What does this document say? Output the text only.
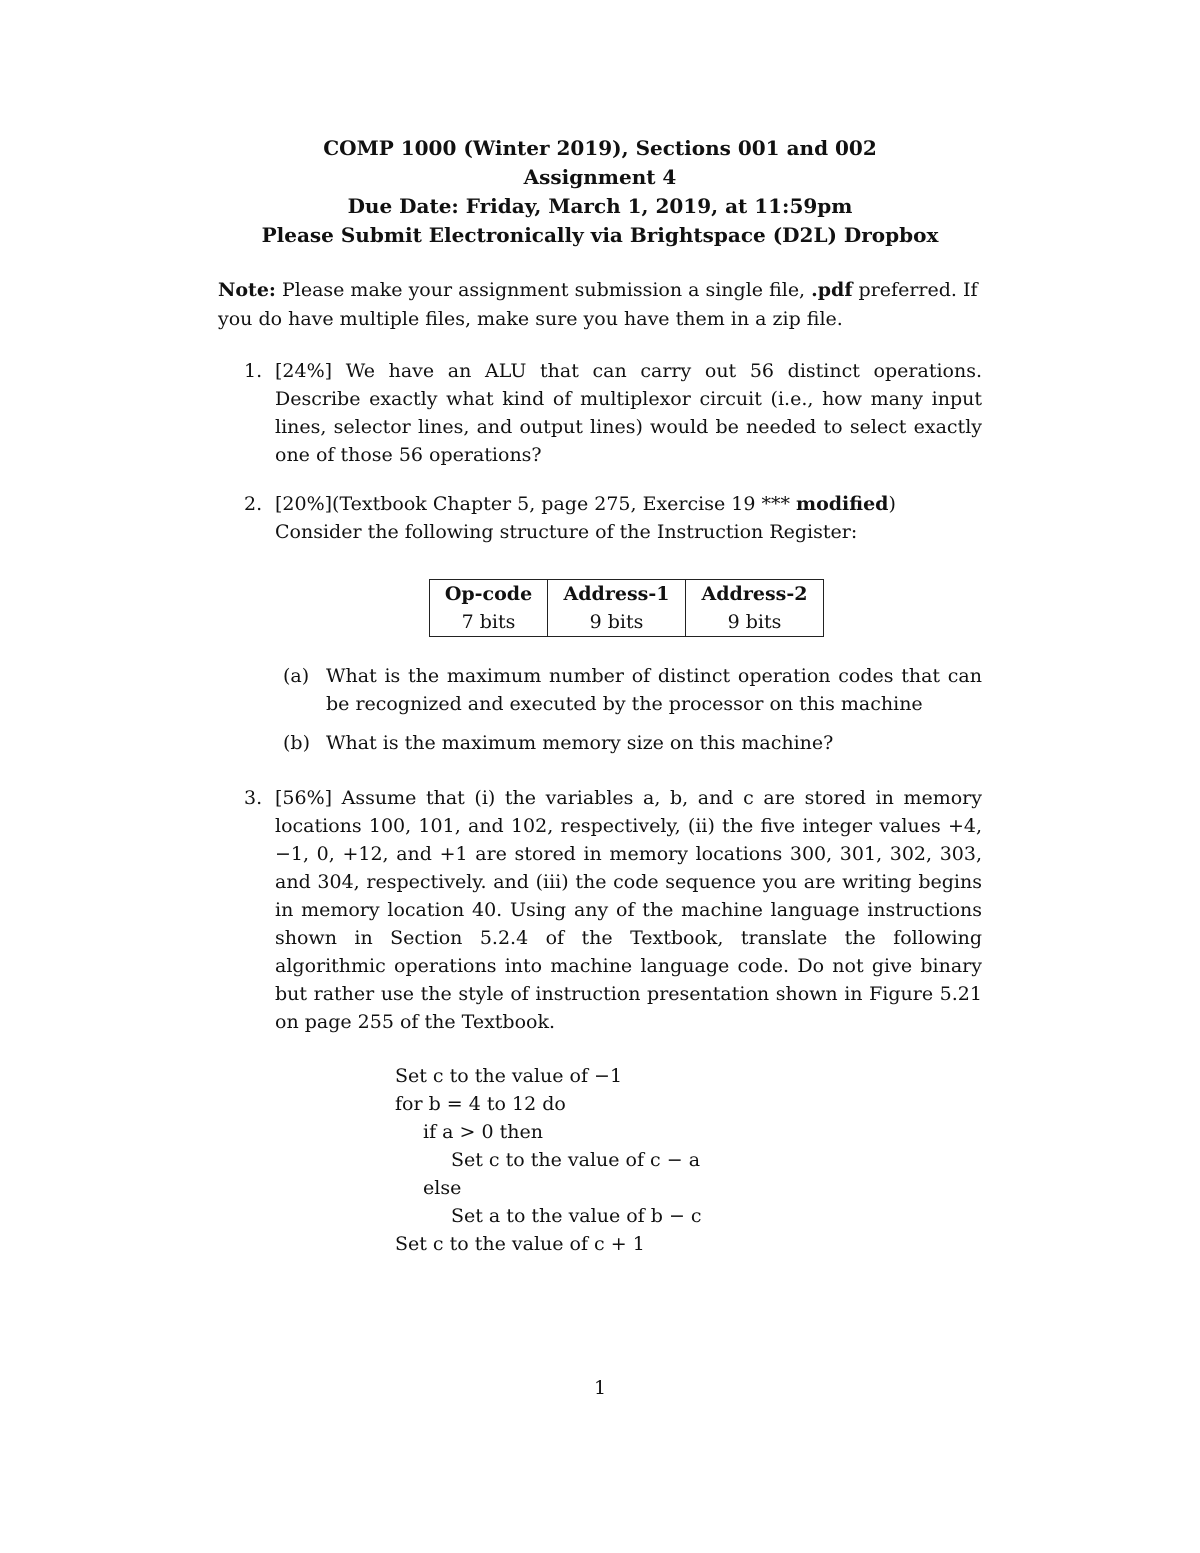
COMP 1000 (Winter 2019), Sections 001 and 002
Assignment 4
Due Date: Friday, March 1, 2019, at 11:59pm
Please Submit Electronically via Brightspace (D2L) Dropbox
Note: Please make your assignment submission a single file, .pdf preferred. If you do have multiple files, make sure you have them in a zip file.
1. [24%] We have an ALU that can carry out 56 distinct operations. Describe exactly what kind of multiplexor circuit (i.e., how many input lines, selector lines, and output lines) would be needed to select exactly one of those 56 operations?
2. [20%](Textbook Chapter 5, page 275, Exercise 19 *** modified)
Consider the following structure of the Instruction Register:
Op-code	Address-1	Address-2
7 bits	9 bits	9 bits
(a) What is the maximum number of distinct operation codes that can be recognized and executed by the processor on this machine
(b) What is the maximum memory size on this machine?
3. [56%] Assume that (i) the variables a, b, and c are stored in memory locations 100, 101, and 102, respectively, (ii) the five integer values +4, −1, 0, +12, and +1 are stored in memory locations 300, 301, 302, 303, and 304, respectively. and (iii) the code sequence you are writing begins in memory location 40. Using any of the machine language instructions shown in Section 5.2.4 of the Textbook, translate the following algorithmic operations into machine language code. Do not give binary but rather use the style of instruction presentation shown in Figure 5.21 on page 255 of the Textbook.
Set c to the value of −1
for b = 4 to 12 do
if a > 0 then
Set c to the value of c − a
else
Set a to the value of b − c
Set c to the value of c + 1
1
